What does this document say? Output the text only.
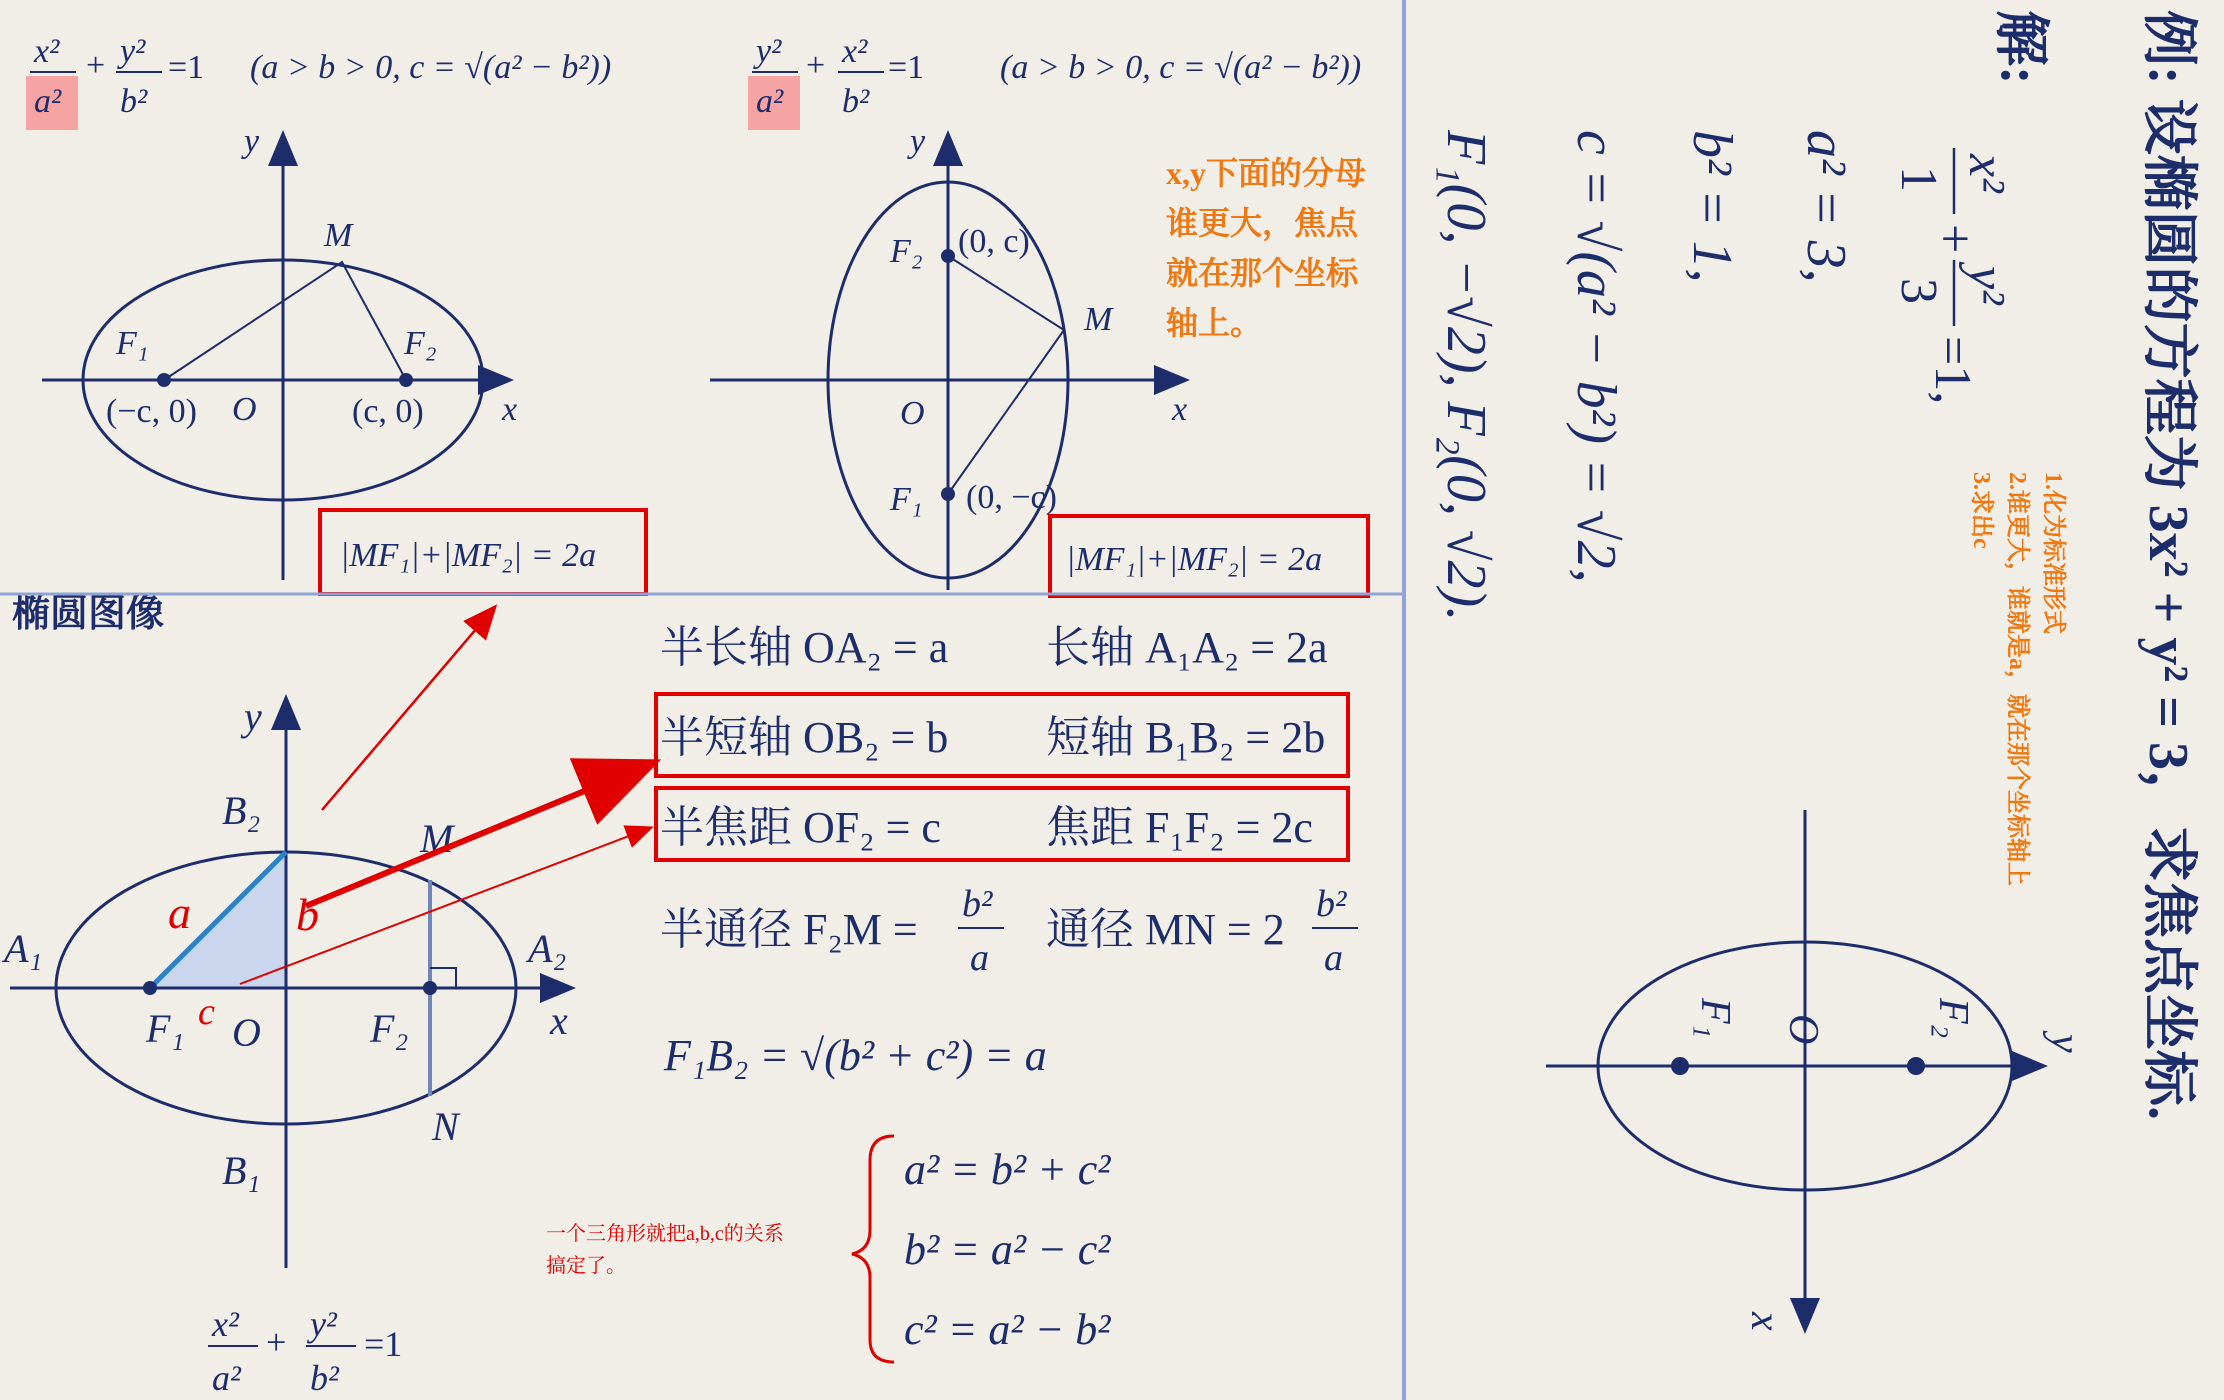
x²
a²
+ y²
b²
=1 (a > b > 0, c = √(a² − b²))
y
x
O
M
F₁	F₂
(−c, 0)	(c, 0)
|MF₁|+|MF₂| = 2a
y²
a²
+ x²
b²
=1 (a > b > 0, c = √(a² − b²))
y
x
O
M
F₂
F₁
(0, c)
(0, −c)
x,y下面的分母
谁更大，焦点
就在那个坐标
轴上。
|MF₁|+|MF₂| = 2a
椭圆图像
y
x
O
A₁	A₂
B₂
B₁
F₁	F₂
M
N
a b
c
x²
a²
+ y²
b²
=1
半长轴 OA₂ = a 长轴 A₁A₂ = 2a
半短轴 OB₂ = b 短轴 B₁B₂ = 2b
半焦距 OF₂ = c 焦距 F₁F₂ = 2c
半通径 F₂M =
b²
a
通径 MN = 2
b²
a
F₁B₂ = √(b² + c²) = a
a² = b² + c²
b² = a² − c²
c² = a² − b²
一个三角形就把a,b,c的关系
搞定了。
例: 设椭圆的方程为 3x² + y² = 3，求焦点坐标.
解:
x²
1
+
y²
3
=1,
a² = 3,
b² = 1,
c = √(a² − b²) = √2,
F₁(0, −√2), F₂(0, √2).	1.化为标准形式
2.谁更大，谁就是a，就在那个坐标轴上
3.求出c
y
x
O
F₁	F₂
